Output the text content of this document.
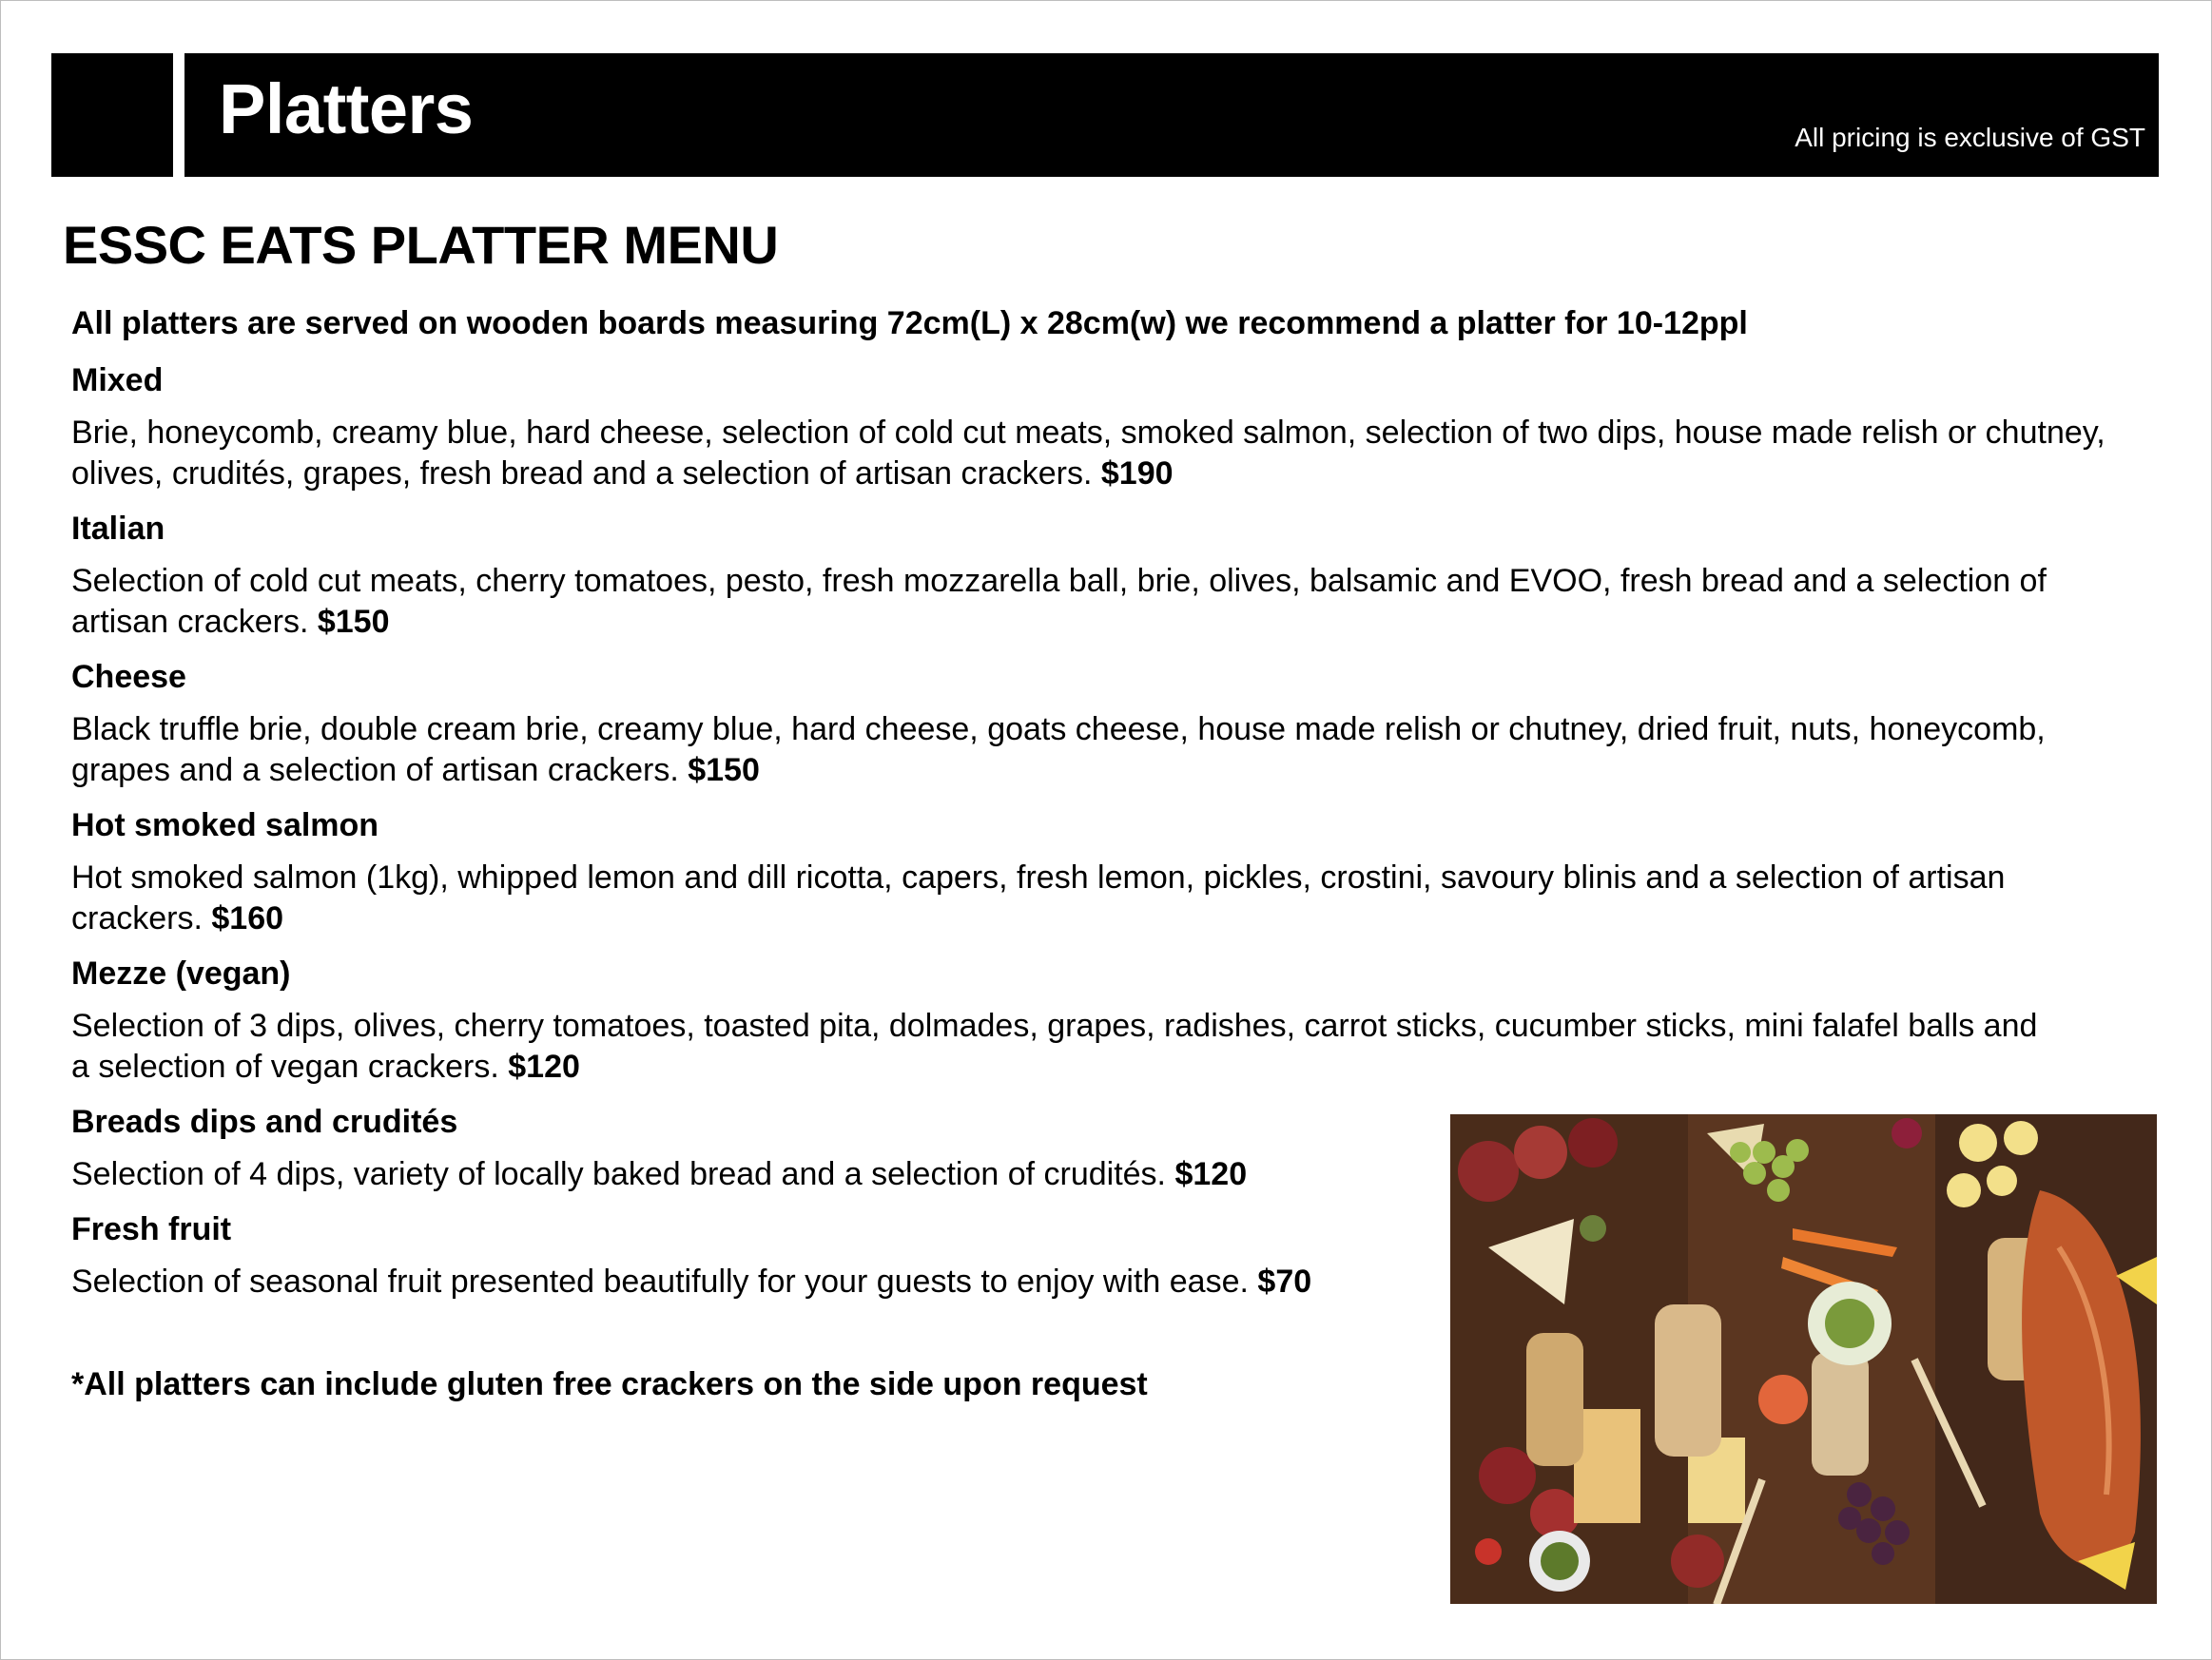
Platters	All pricing is exclusive of GST
ESSC EATS PLATTER MENU
All platters are served on wooden boards measuring 72cm(L) x 28cm(w) we recommend a platter for 10-12ppl
Mixed
Brie, honeycomb, creamy blue, hard cheese, selection of cold cut meats, smoked salmon, selection of two dips, house made relish or chutney, olives, crudités, grapes, fresh bread and a selection of artisan crackers. $190
Italian
Selection of cold cut meats, cherry tomatoes, pesto, fresh mozzarella ball, brie, olives, balsamic and EVOO, fresh bread and a selection of artisan crackers. $150
Cheese
Black truffle brie, double cream brie, creamy blue, hard cheese, goats cheese, house made relish or chutney, dried fruit, nuts, honeycomb, grapes and a selection of artisan crackers. $150
Hot smoked salmon
Hot smoked salmon (1kg), whipped lemon and dill ricotta, capers, fresh lemon, pickles, crostini, savoury blinis and a selection of artisan crackers. $160
Mezze (vegan)
Selection of 3 dips, olives, cherry tomatoes, toasted pita, dolmades, grapes, radishes, carrot sticks, cucumber sticks, mini falafel balls and a selection of vegan crackers. $120
Breads dips and crudités
Selection of 4 dips, variety of locally baked bread and a selection of crudités. $120
Fresh fruit
Selection of seasonal fruit presented beautifully for your guests to enjoy with ease. $70
*All platters can include gluten free crackers on the side upon request
